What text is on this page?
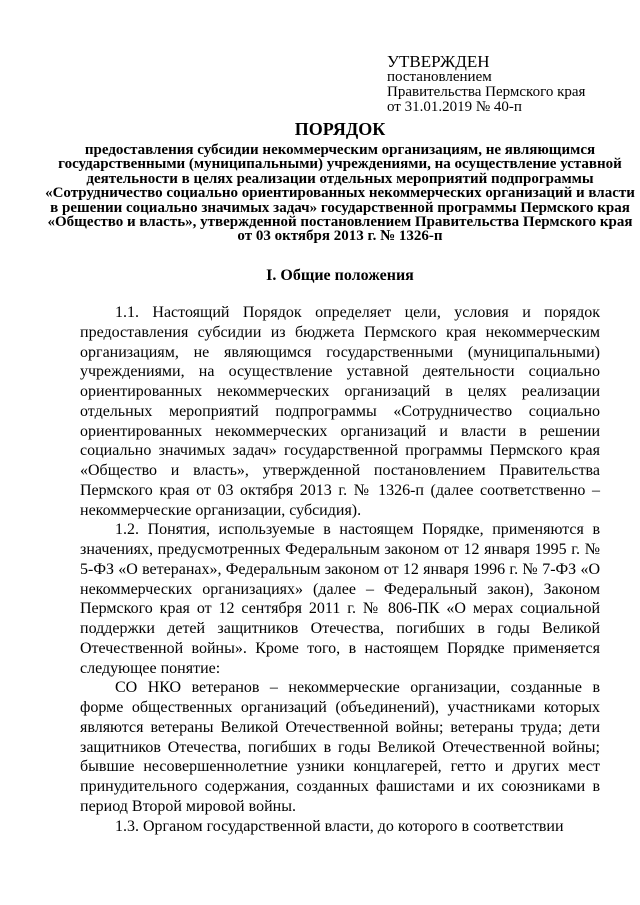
УТВЕРЖДЕН
постановлением
Правительства Пермского края
от 31.01.2019 № 40-п

ПОРЯДОК

предоставления субсидии некоммерческим организациям, не являющимся государственными (муниципальными) учреждениями, на осуществление уставной деятельности в целях реализации отдельных мероприятий подпрограммы «Сотрудничество социально ориентированных некоммерческих организаций и власти в решении социально значимых задач» государственной программы Пермского края «Общество и власть», утвержденной постановлением Правительства Пермского края от 03 октября 2013 г. № 1326-п

I. Общие положения

1.1. Настоящий Порядок определяет цели, условия и порядок предоставления субсидии из бюджета Пермского края некоммерческим организациям, не являющимся государственными (муниципальными) учреждениями, на осуществление уставной деятельности социально ориентированных некоммерческих организаций в целях реализации отдельных мероприятий подпрограммы «Сотрудничество социально ориентированных некоммерческих организаций и власти в решении социально значимых задач» государственной программы Пермского края «Общество и власть», утвержденной постановлением Правительства Пермского края от 03 октября 2013 г. № 1326-п (далее соответственно – некоммерческие организации, субсидия).

1.2. Понятия, используемые в настоящем Порядке, применяются в значениях, предусмотренных Федеральным законом от 12 января 1995 г. № 5-ФЗ «О ветеранах», Федеральным законом от 12 января 1996 г. № 7-ФЗ «О некоммерческих организациях» (далее – Федеральный закон), Законом Пермского края от 12 сентября 2011 г. № 806-ПК «О мерах социальной поддержки детей защитников Отечества, погибших в годы Великой Отечественной войны». Кроме того, в настоящем Порядке применяется следующее понятие:

СО НКО ветеранов – некоммерческие организации, созданные в форме общественных организаций (объединений), участниками которых являются ветераны Великой Отечественной войны; ветераны труда; дети защитников Отечества, погибших в годы Великой Отечественной войны; бывшие несовершеннолетние узники концлагерей, гетто и других мест принудительного содержания, созданных фашистами и их союзниками в период Второй мировой войны.

1.3. Органом государственной власти, до которого в соответствии
